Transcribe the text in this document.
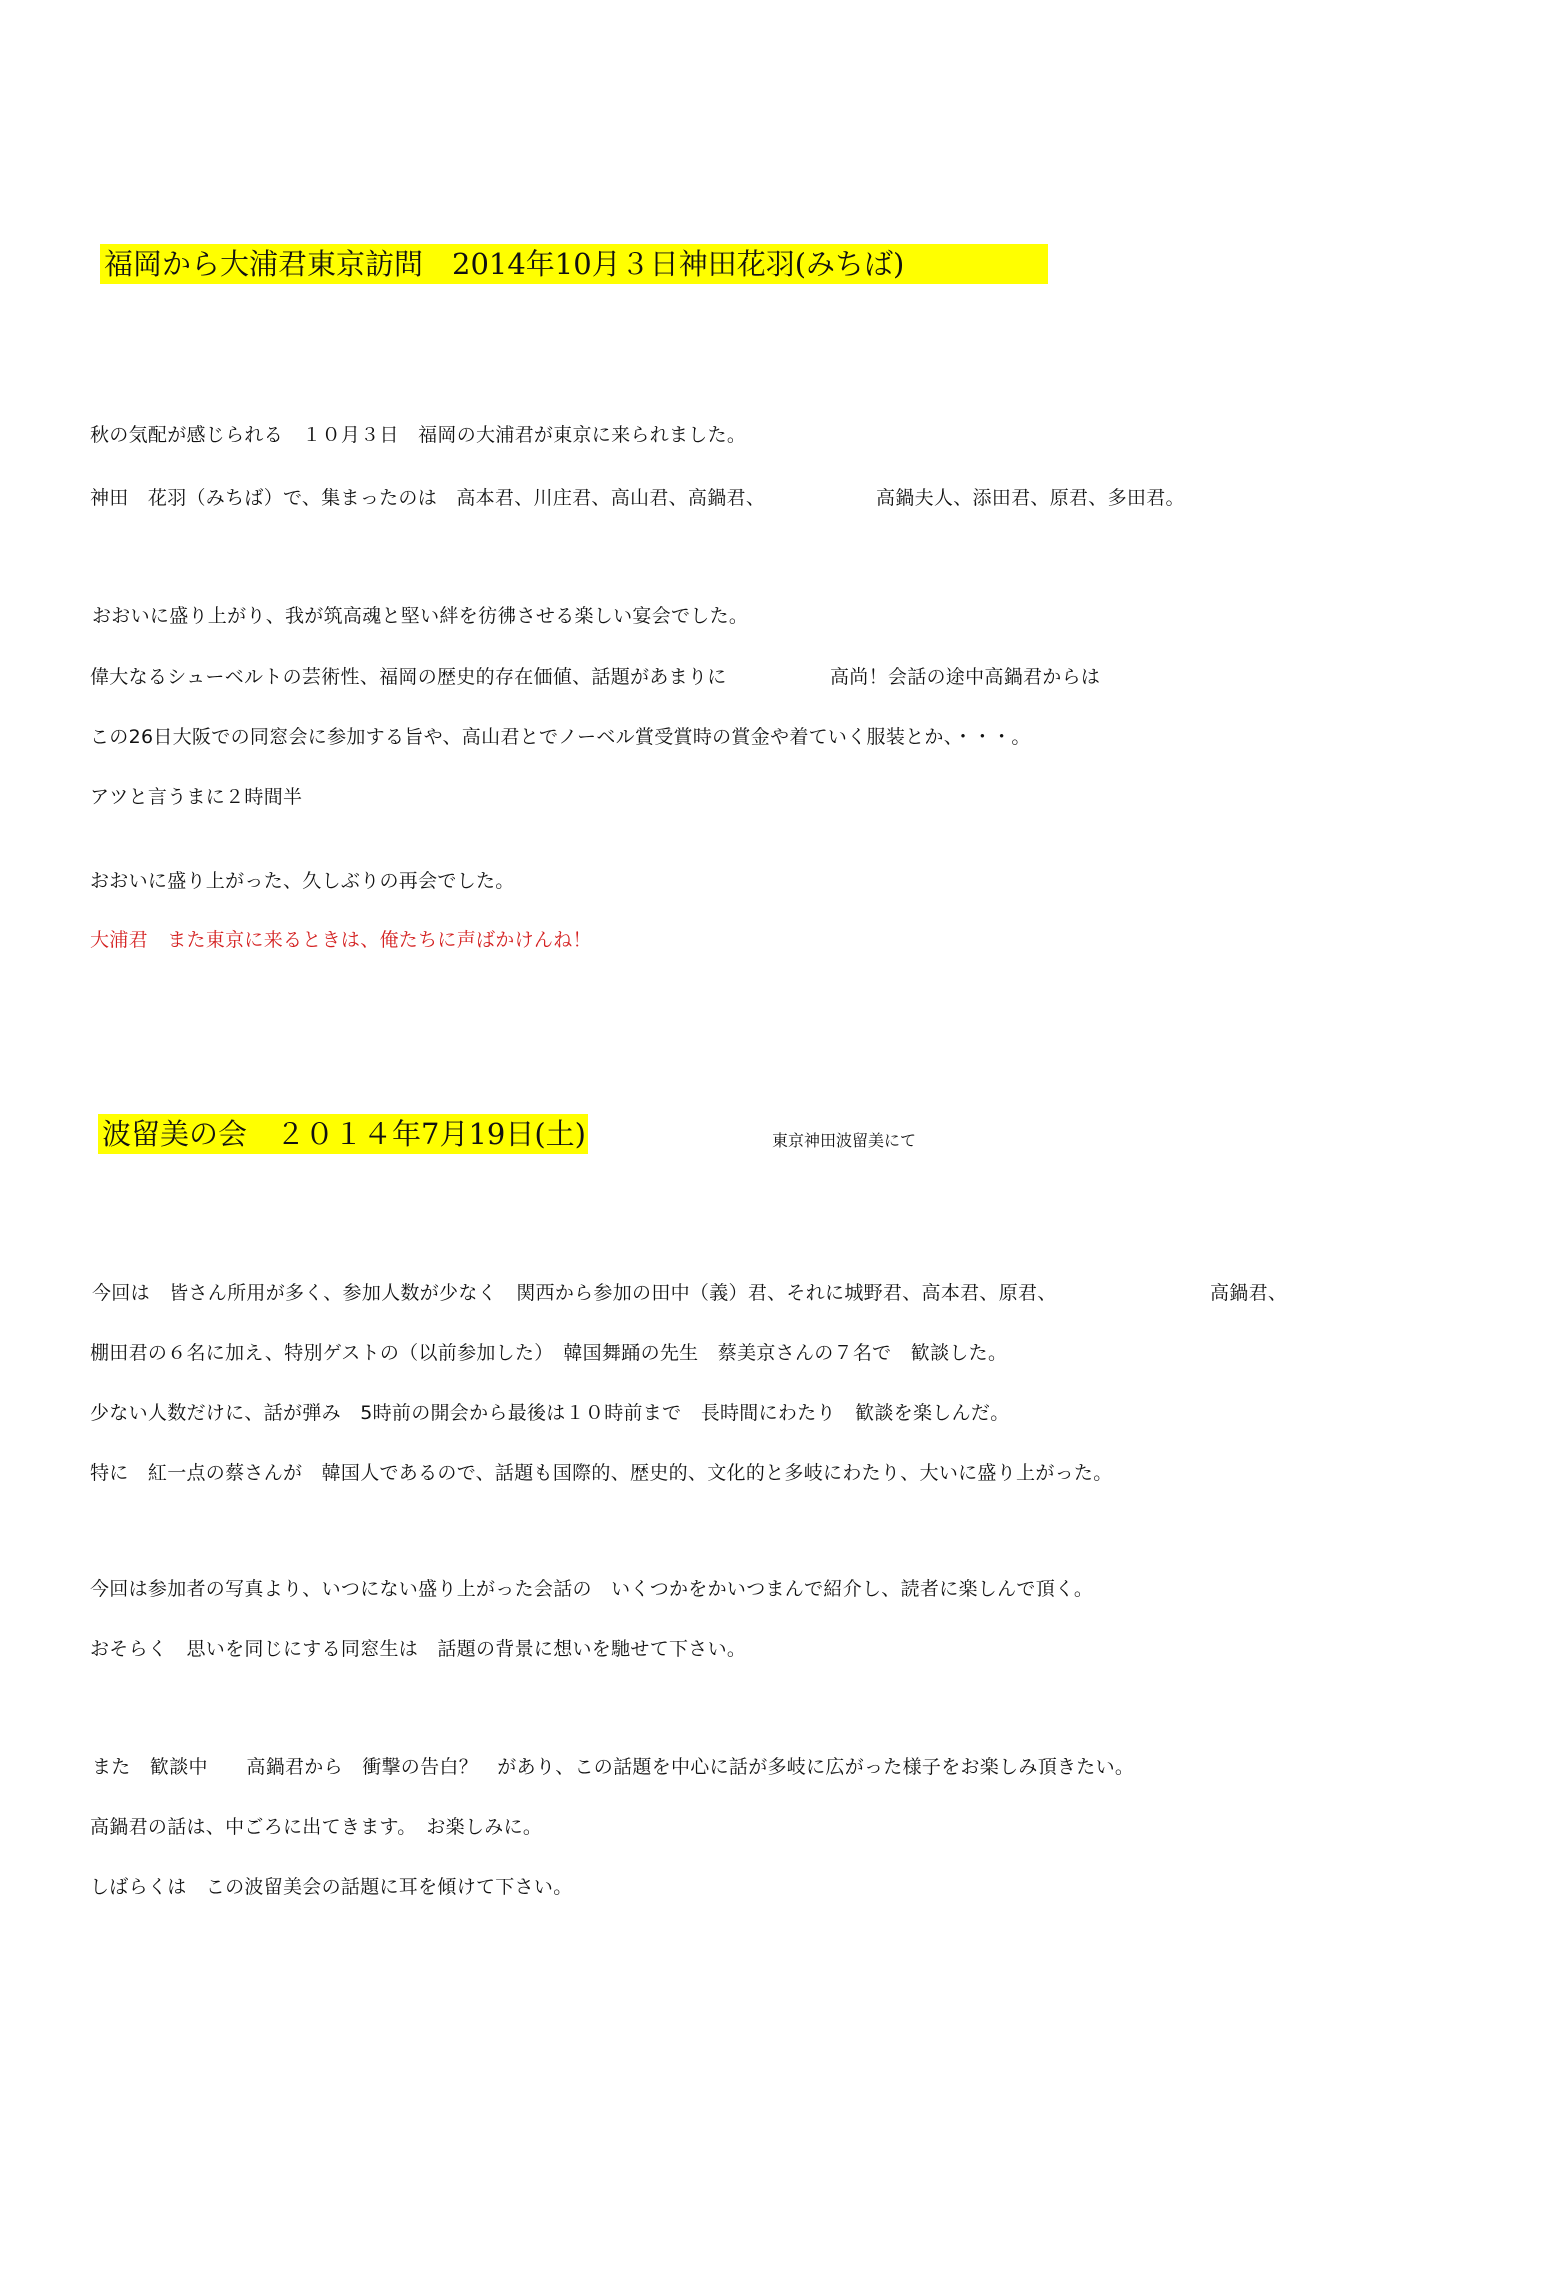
福岡から大浦君東京訪問　2014年10月３日神田花羽(みちば)
秋の気配が感じられる　１０月３日　福岡の大浦君が東京に来られました。
神田　花羽（みちば）で、集まったのは　高本君、川庄君、高山君、高鍋君、	高鍋夫人、添田君、原君、多田君。
おおいに盛り上がり、我が筑高魂と堅い絆を彷彿させる楽しい宴会でした。
偉大なるシューベルトの芸術性、福岡の歴史的存在価値、話題があまりに	高尚！会話の途中高鍋君からは
この26日大阪での同窓会に参加する旨や、高山君とでノーベル賞受賞時の賞金や着ていく服装とか、・・・。
アツと言うまに２時間半
おおいに盛り上がった、久しぶりの再会でした。
大浦君　また東京に来るときは、俺たちに声ばかけんね！
波留美の会　２０１４年7月19日(土)	東京神田波留美にて
今回は　皆さん所用が多く、参加人数が少なく　関西から参加の田中（義）君、それに城野君、高本君、原君、	高鍋君、
棚田君の６名に加え、特別ゲストの（以前参加した）　韓国舞踊の先生　蔡美京さんの７名で　歓談した。
少ない人数だけに、話が弾み　5時前の開会から最後は１０時前まで　長時間にわたり　歓談を楽しんだ。
特に　紅一点の蔡さんが　韓国人であるので、話題も国際的、歴史的、文化的と多岐にわたり、大いに盛り上がった。
今回は参加者の写真より、いつにない盛り上がった会話の　いくつかをかいつまんで紹介し、読者に楽しんで頂く。
おそらく　思いを同じにする同窓生は　話題の背景に想いを馳せて下さい。
また　歓談中　　高鍋君から　衝撃の告白？　があり、この話題を中心に話が多岐に広がった様子をお楽しみ頂きたい。
高鍋君の話は、中ごろに出てきます。　お楽しみに。
しばらくは　この波留美会の話題に耳を傾けて下さい。
